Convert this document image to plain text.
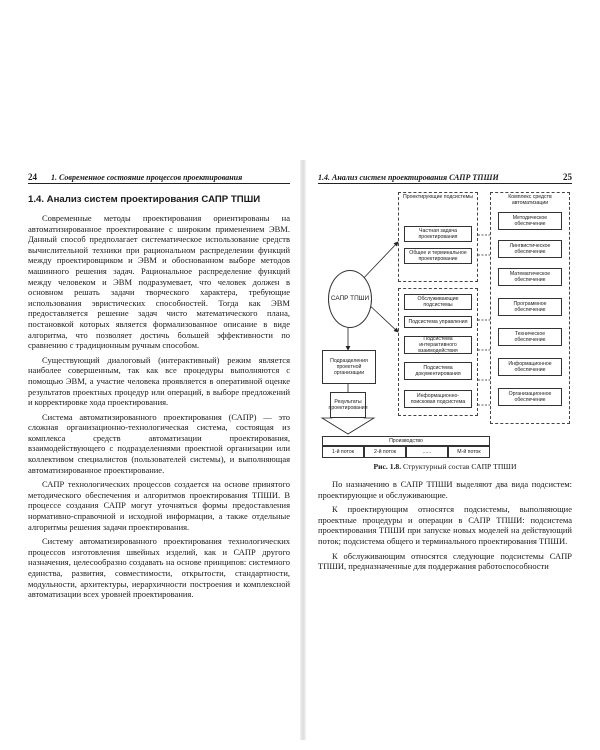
24 1. Современное состояние процессов проектирования
1.4. Анализ систем проектирования САПР ТПШИ

Современные методы проектирования ориентированы на автоматизированное проектирование с широким применением ЭВМ. Данный способ предполагает систематическое использование средств вычислительной техники при рациональном распределении функций между проектировщиком и ЭВМ и обоснованном выборе методов машинного решения задач. Рациональное распределение функций между человеком и ЭВМ подразумевает, что человек должен в основном решать задачи творческого характера, требующие использования эвристических способностей. Тогда как ЭВМ предоставляется решение задач чисто математического плана, постановкой которых является формализованное описание в виде алгоритма, что позволяет достичь большей эффективности по сравнению с традиционным ручным способом.

Существующий диалоговый (интерактивный) режим является наиболее совершенным, так как все процедуры выполняются с помощью ЭВМ, а участие человека проявляется в оперативной оценке результатов проектных процедур или операций, в выборе предложений и корректировке хода проектирования.

Система автоматизированного проектирования (САПР) — это сложная организационно-технологическая система, состоящая из комплекса средств автоматизации проектирования, взаимодействующего с подразделениями проектной организации или коллективом специалистов (пользователей системы), и выполняющая автоматизированное проектирование.

САПР технологических процессов создается на основе принятого методического обеспечения и алгоритмов проектирования ТПШИ. В процессе создания САПР могут уточняться формы предоставления нормативно-справочной и исходной информации, а также отдельные алгоритмы решения задачи проектирования.

Систему автоматизированного проектирования технологических процессов изготовления швейных изделий, как и САПР другого назначения, целесообразно создавать на основе принципов: системного единства, развития, совместимости, открытости, стандартности, модульности, архитектуры, иерархичности построения и комплексной автоматизации всех уровней проектирования.

1.4. Анализ систем проектирования САПР ТПШИ	25
Проектирующие подсистемы
Частная задача проектирования
Общее и терминальное проектирование
САПР ТПШИ	Обслуживающие подсистемы
Подсистема управления
Подсистема интерактивного взаимодействия
Подсистема документирования
Информационно-поисковая подсистема
Комплекс средств автоматизации
Методическое обеспечение
Лингвистическое обеспечение
Математическое обеспечение
Программное обеспечение
Техническое обеспечение
Информационное обеспечение
Организационное обеспечение
Подразделения проектной организации
Результаты проектирования
Производство
1-й поток	2-й поток	......	М-й поток
Рис. 1.8. Структурный состав САПР ТПШИ

По назначению в САПР ТПШИ выделяют два вида подсистем: проектирующие и обслуживающие.

К проектирующим относятся подсистемы, выполняющие проектные процедуры и операции в САПР ТПШИ: подсистема проектирования ТПШИ при запуске новых моделей на действующий поток; подсистема общего и терминального проектирования ТПШИ.

К обслуживающим относятся следующие подсистемы САПР ТПШИ, предназначенные для поддержания работоспособности
